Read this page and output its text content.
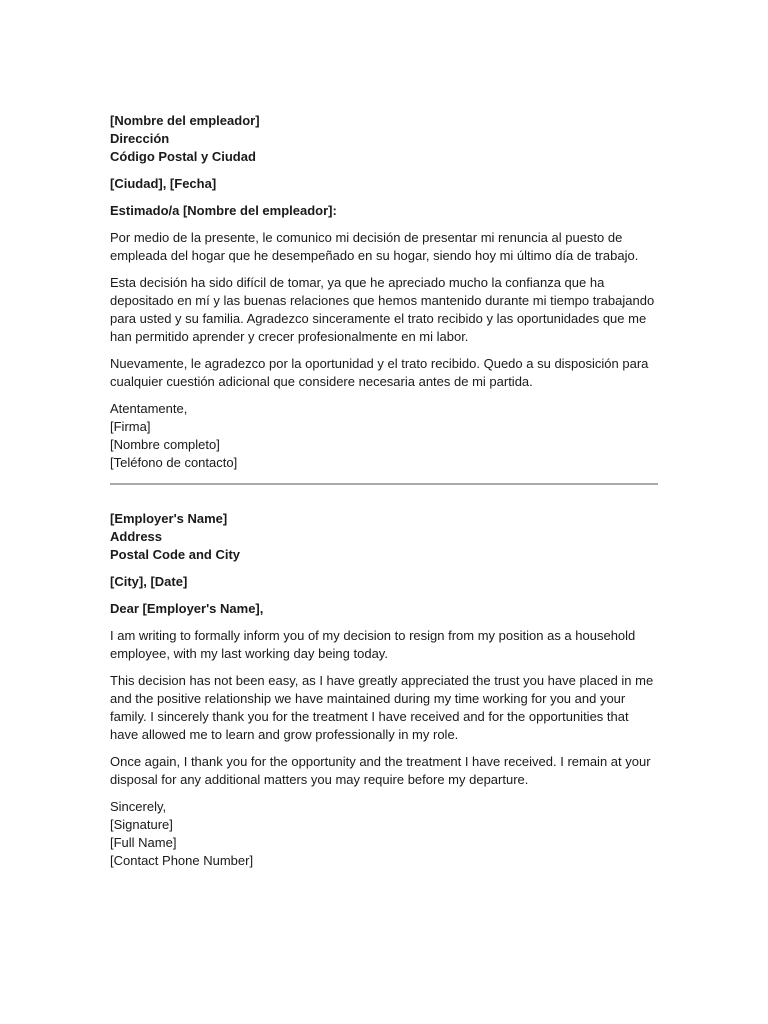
[Nombre del empleador]
Dirección
Código Postal y Ciudad
[Ciudad], [Fecha]
Estimado/a [Nombre del empleador]:

Por medio de la presente, le comunico mi decisión de presentar mi renuncia al puesto de empleada del hogar que he desempeñado en su hogar, siendo hoy mi último día de trabajo.

Esta decisión ha sido difícil de tomar, ya que he apreciado mucho la confianza que ha depositado en mí y las buenas relaciones que hemos mantenido durante mi tiempo trabajando para usted y su familia. Agradezco sinceramente el trato recibido y las oportunidades que me han permitido aprender y crecer profesionalmente en mi labor.

Nuevamente, le agradezco por la oportunidad y el trato recibido. Quedo a su disposición para cualquier cuestión adicional que considere necesaria antes de mi partida.

Atentamente,
[Firma]
[Nombre completo]
[Teléfono de contacto]
[Employer's Name]
Address
Postal Code and City
[City], [Date]
Dear [Employer's Name],

I am writing to formally inform you of my decision to resign from my position as a household employee, with my last working day being today.

This decision has not been easy, as I have greatly appreciated the trust you have placed in me and the positive relationship we have maintained during my time working for you and your family. I sincerely thank you for the treatment I have received and for the opportunities that have allowed me to learn and grow professionally in my role.

Once again, I thank you for the opportunity and the treatment I have received. I remain at your disposal for any additional matters you may require before my departure.

Sincerely,
[Signature]
[Full Name]
[Contact Phone Number]
